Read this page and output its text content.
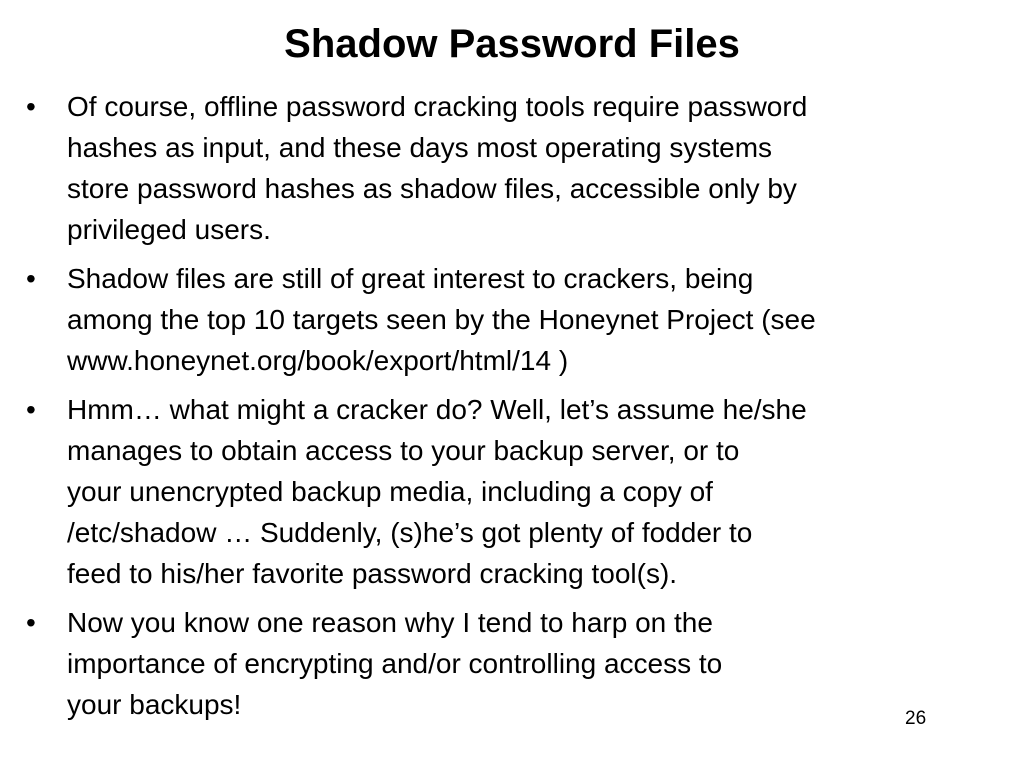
Shadow Password Files
•	Of course, offline password cracking tools require password
hashes as input, and these days most operating systems
store password hashes as shadow files, accessible only by
privileged users.
•	Shadow files are still of great interest to crackers, being
among the top 10 targets seen by the Honeynet Project (see
www.honeynet.org/book/export/html/14 )
•	Hmm… what might a cracker do? Well, let’s assume he/she
manages to obtain access to your backup server, or to
your unencrypted backup media, including a copy of
/etc/shadow … Suddenly, (s)he’s got plenty of fodder to
feed to his/her favorite password cracking tool(s).
•	Now you know one reason why I tend to harp on the
importance of encrypting and/or controlling access to
your backups!	26
